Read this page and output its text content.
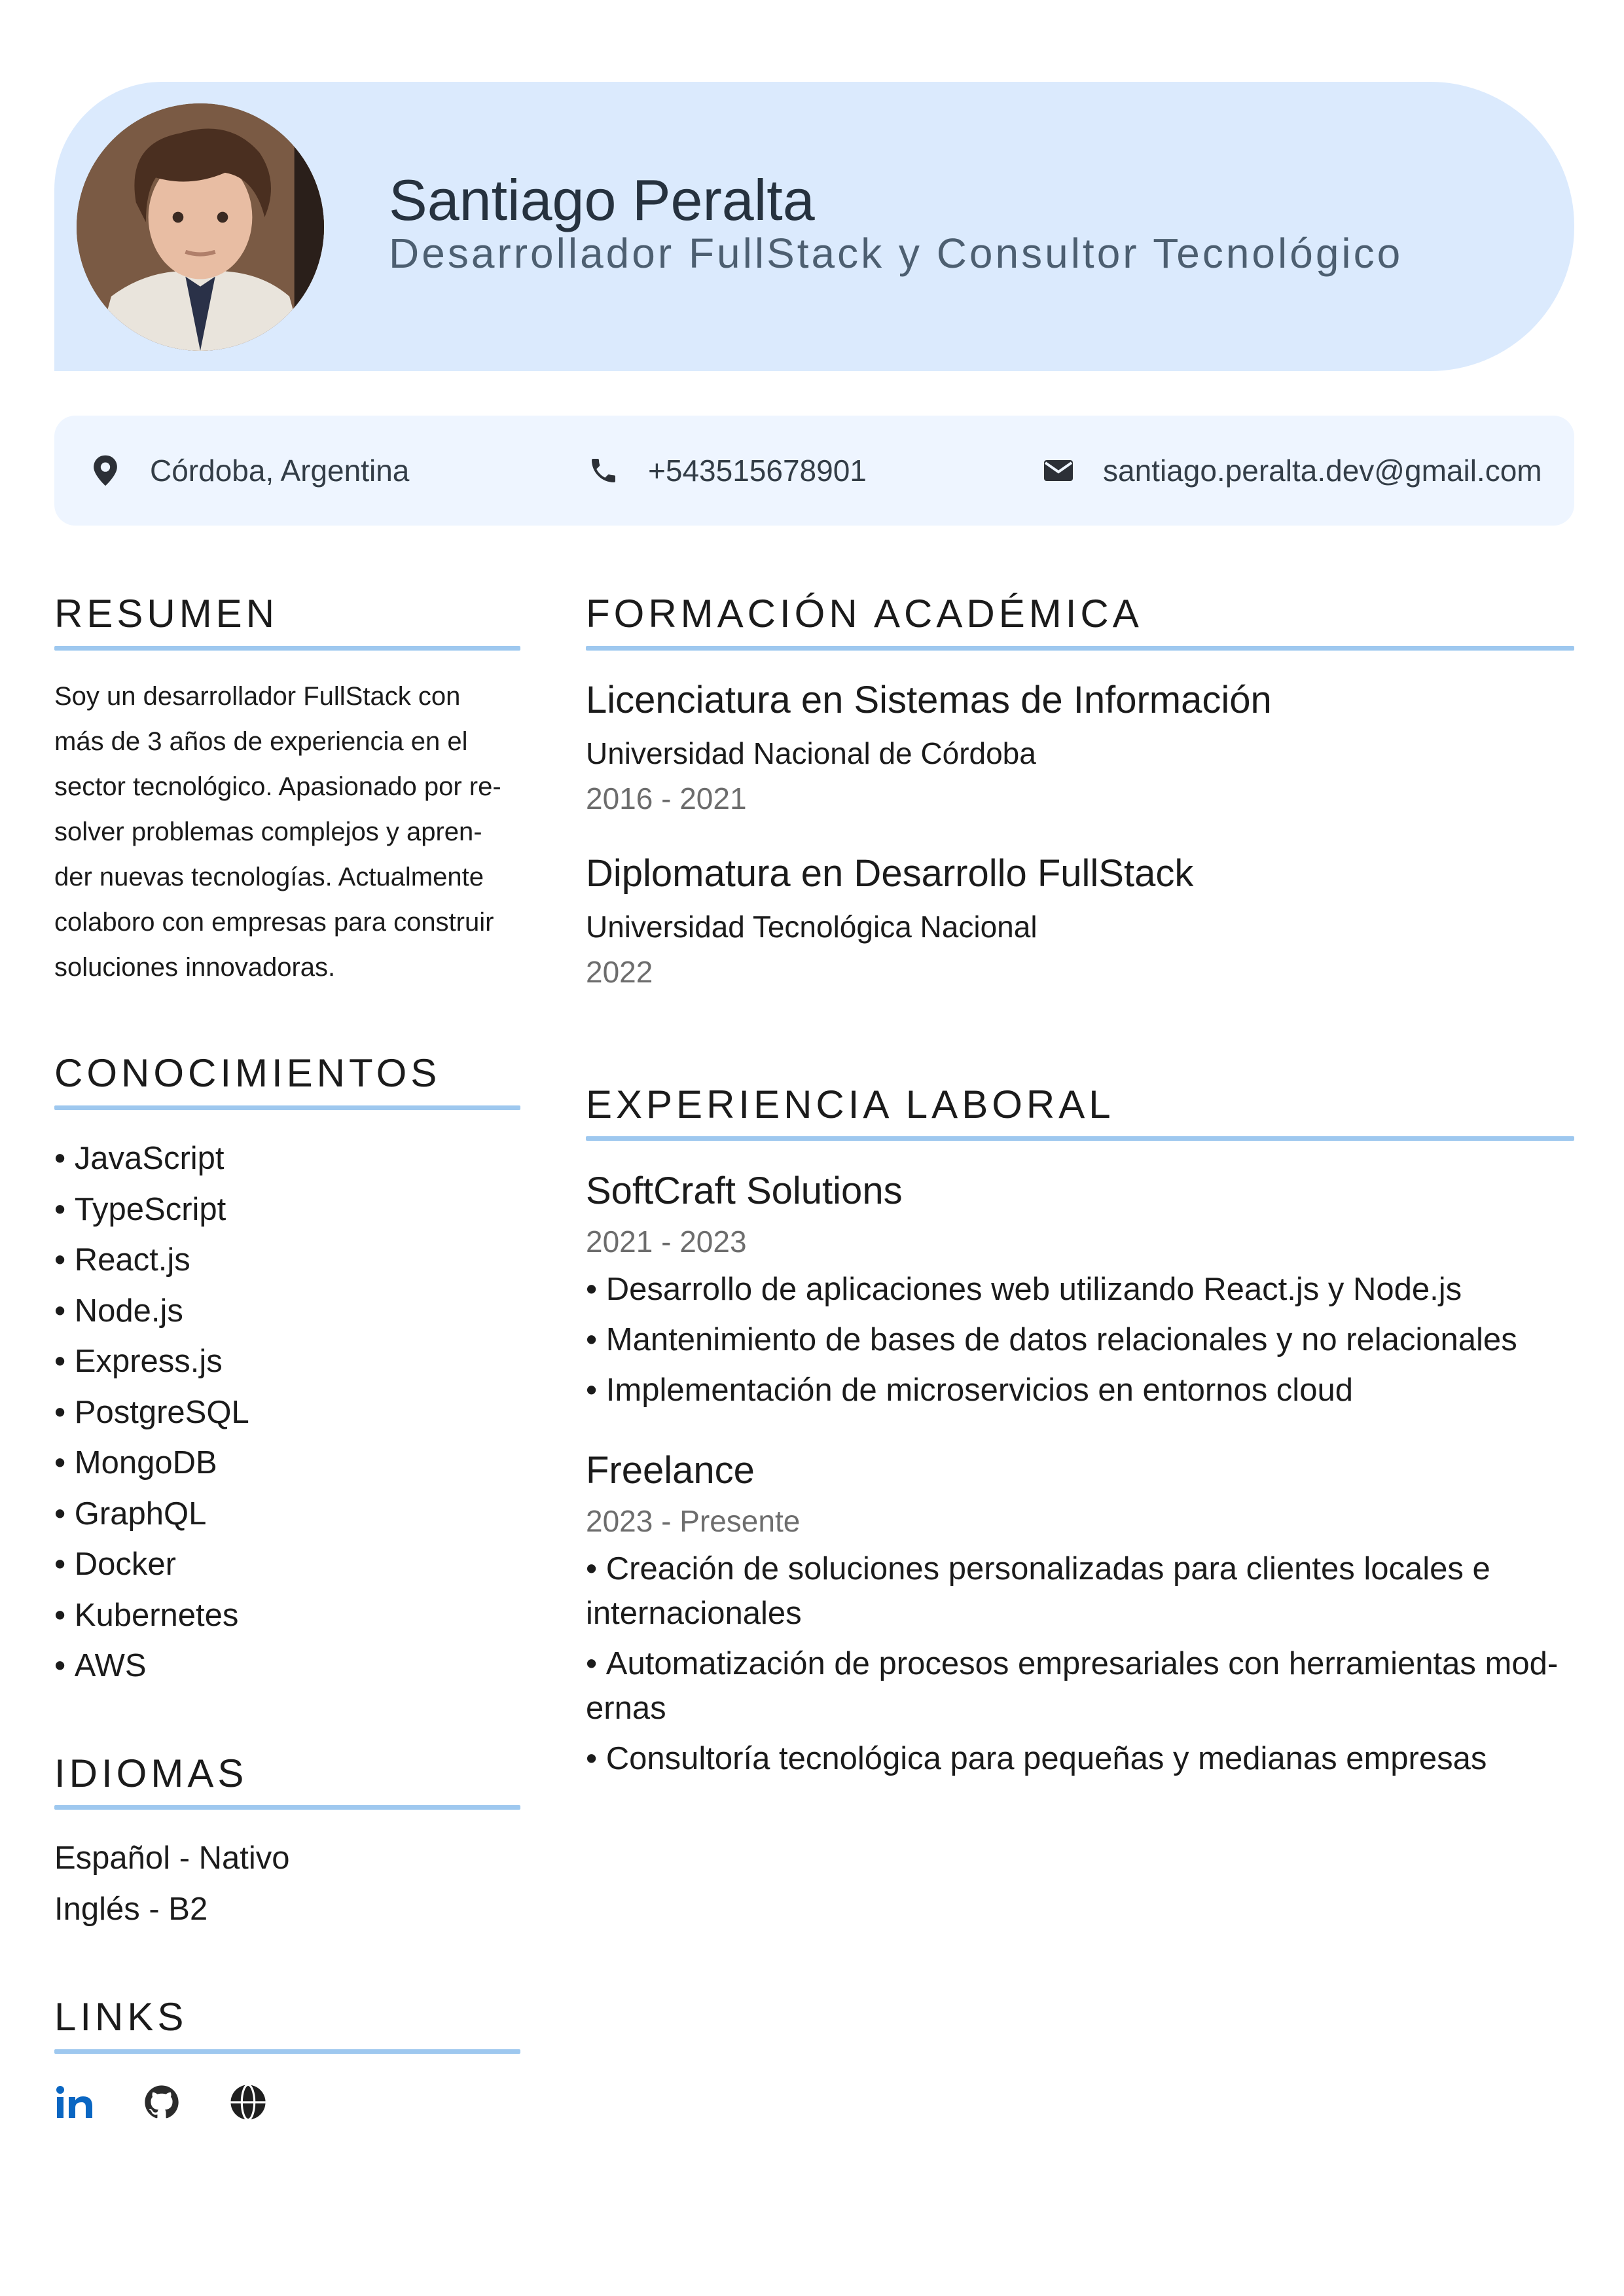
Santiago Peralta
Desarrollador FullStack y Consultor Tecnológico
Córdoba, Argentina	+543515678901	santiago.peralta.dev@gmail.com
RESUMEN
Soy un desarrollador FullStack con
más de 3 años de experiencia en el
sector tecnológico. Apasionado por re-
solver problemas complejos y apren-
der nuevas tecnologías. Actualmente
colaboro con empresas para construir
soluciones innovadoras.
CONOCIMIENTOS
• JavaScript
• TypeScript
• React.js
• Node.js
• Express.js
• PostgreSQL
• MongoDB
• GraphQL
• Docker
• Kubernetes
• AWS
IDIOMAS
Español - Nativo
Inglés - B2
LINKS
FORMACIÓN ACADÉMICA
Licenciatura en Sistemas de Información
Universidad Nacional de Córdoba
2016 - 2021
Diplomatura en Desarrollo FullStack
Universidad Tecnológica Nacional
2022
EXPERIENCIA LABORAL
SoftCraft Solutions
2021 - 2023
• Desarrollo de aplicaciones web utilizando React.js y Node.js
• Mantenimiento de bases de datos relacionales y no relacionales
• Implementación de microservicios en entornos cloud
Freelance
2023 - Presente
• Creación de soluciones personalizadas para clientes locales e internacionales
• Automatización de procesos empresariales con herramientas mod-ernas
• Consultoría tecnológica para pequeñas y medianas empresas
